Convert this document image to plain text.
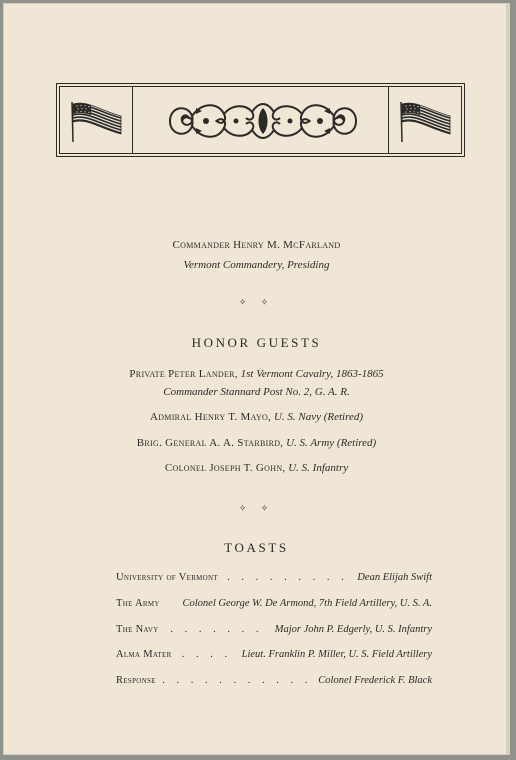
Commander Henry M. McFarland
Vermont Commandery, Presiding
✧ ✧
HONOR GUESTS
Private Peter Lander, 1st Vermont Cavalry, 1863-1865
Commander Stannard Post No. 2, G. A. R.
Admiral Henry T. Mayo, U. S. Navy (Retired)
Brig. General A. A. Starbird, U. S. Army (Retired)
Colonel Joseph T. Gohn, U. S. Infantry
✧ ✧
TOASTS
University of Vermont . . . . . . . . . Dean Elijah Swift
The Army Colonel George W. De Armond, 7th Field Artillery, U. S. A.
The Navy	. . . . . . .	Major John P. Edgerly, U. S. Infantry
Alma Mater . . . . Lieut. Franklin P. Miller, U. S. Field Artillery
Response . . . . . . . . . . . Colonel Frederick F. Black
